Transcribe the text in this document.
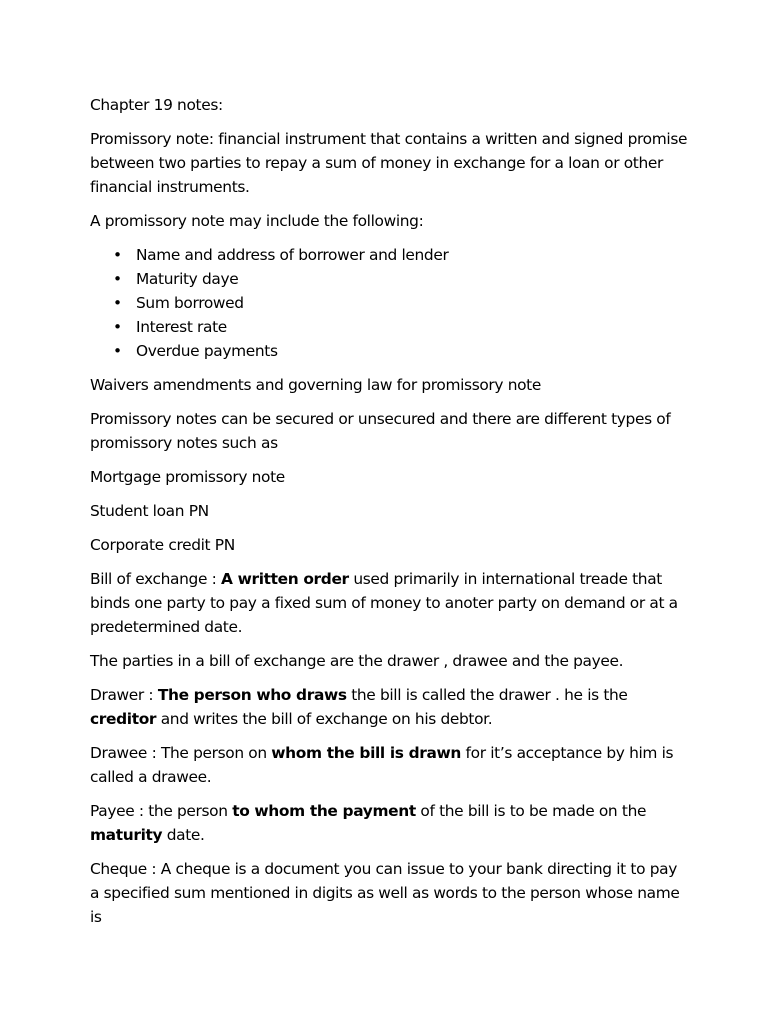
Chapter 19 notes:

Promissory note: financial instrument that contains a written and signed promise between two parties to repay a sum of money in exchange for a loan or other financial instruments.

A promissory note may include the following:

• Name and address of borrower and lender
• Maturity daye
• Sum borrowed
• Interest rate
• Overdue payments

Waivers amendments and governing law for promissory note

Promissory notes can be secured or unsecured and there are different types of promissory notes such as

Mortgage promissory note

Student loan PN

Corporate credit PN

Bill of exchange : A written order used primarily in international treade that binds one party to pay a fixed sum of money to anoter party on demand or at a predetermined date.

The parties in a bill of exchange are the drawer , drawee and the payee.

Drawer : The person who draws the bill is called the drawer . he is the creditor and writes the bill of exchange on his debtor.

Drawee : The person on whom the bill is drawn for it’s acceptance by him is called a drawee.

Payee : the person to whom the payment of the bill is to be made on the maturity date.

Cheque : A cheque is a document you can issue to your bank directing it to pay a specified sum mentioned in digits as well as words to the person whose name is
